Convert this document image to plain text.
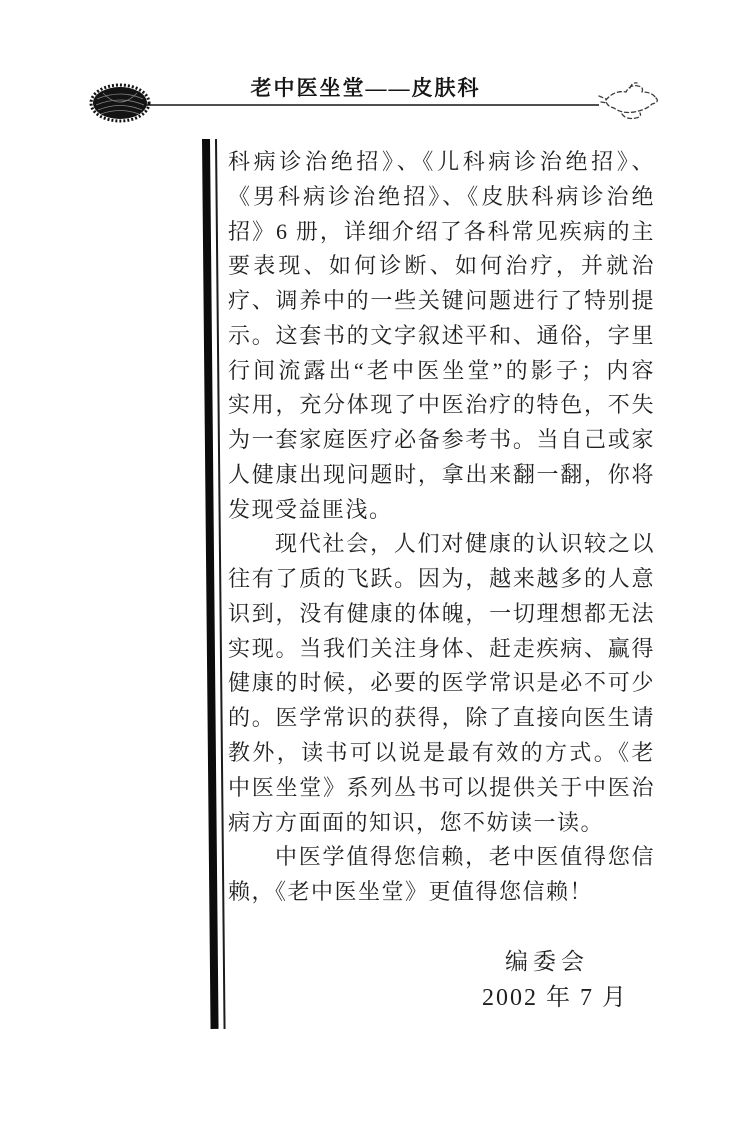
老中医坐堂——皮肤科
科病诊治绝招》、《儿科病诊治绝招》、
《男科病诊治绝招》、《皮肤科病诊治绝
招》6 册，详细介绍了各科常见疾病的主
要表现、如何诊断、如何治疗，并就治
疗、调养中的一些关键问题进行了特别提
示。这套书的文字叙述平和、通俗，字里
行间流露出“老中医坐堂”的影子；内容
实用，充分体现了中医治疗的特色，不失
为一套家庭医疗必备参考书。当自己或家
人健康出现问题时，拿出来翻一翻，你将
发现受益匪浅。
现代社会，人们对健康的认识较之以
往有了质的飞跃。因为，越来越多的人意
识到，没有健康的体魄，一切理想都无法
实现。当我们关注身体、赶走疾病、赢得
健康的时候，必要的医学常识是必不可少
的。医学常识的获得，除了直接向医生请
教外，读书可以说是最有效的方式。《老
中医坐堂》系列丛书可以提供关于中医治
病方方面面的知识，您不妨读一读。
中医学值得您信赖，老中医值得您信
赖，《老中医坐堂》更值得您信赖！
编委会
2002 年 7 月
